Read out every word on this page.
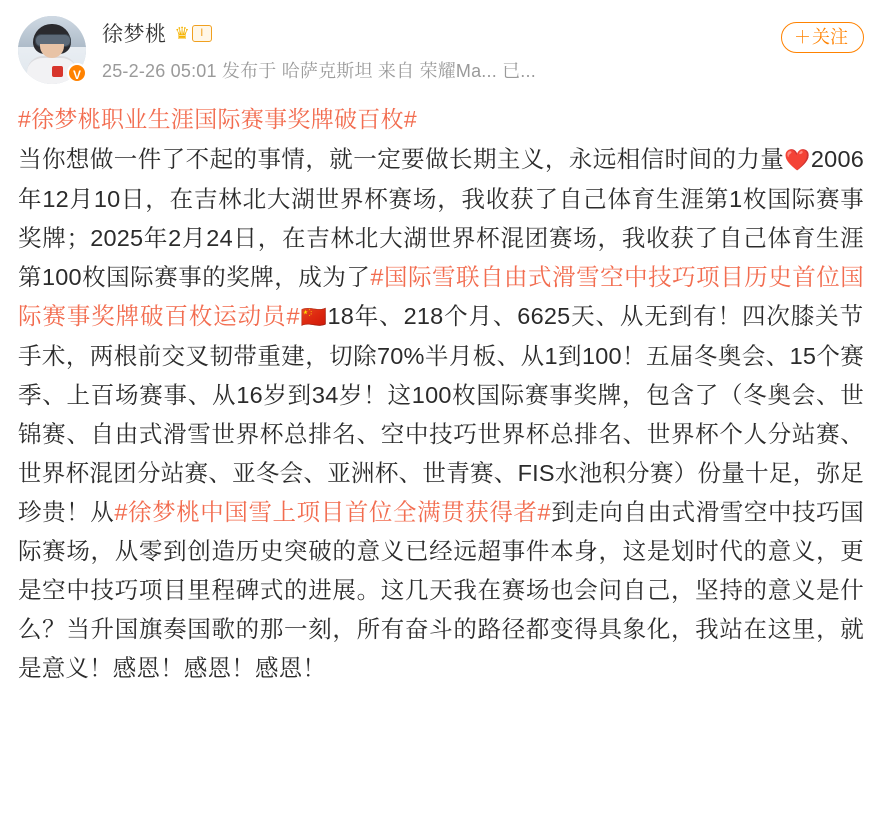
V
徐梦桃 ♛ I
25-2-26 05:01 发布于 哈萨克斯坦 来自 荣耀Ma... 已...
＋关注
#徐梦桃职业生涯国际赛事奖牌破百枚#
当你想做一件了不起的事情，就一定要做长期主义，永远相信时间的力量❤️2006年12月10日，在吉林北大湖世界杯赛场，我收获了自己体育生涯第1枚国际赛事奖牌；2025年2月24日，在吉林北大湖世界杯混团赛场，我收获了自己体育生涯第100枚国际赛事的奖牌，成为了#国际雪联自由式滑雪空中技巧项目历史首位国际赛事奖牌破百枚运动员#🇨🇳18年、218个月、6625天、从无到有！四次膝关节手术，两根前交叉韧带重建，切除70%半月板、从1到100！五届冬奥会、15个赛季、上百场赛事、从16岁到34岁！这100枚国际赛事奖牌，包含了（冬奥会、世锦赛、自由式滑雪世界杯总排名、空中技巧世界杯总排名、世界杯个人分站赛、世界杯混团分站赛、亚冬会、亚洲杯、世青赛、FIS水池积分赛）份量十足，弥足珍贵！从#徐梦桃中国雪上项目首位全满贯获得者#到走向自由式滑雪空中技巧国际赛场，从零到创造历史突破的意义已经远超事件本身，这是划时代的意义，更是空中技巧项目里程碑式的进展。这几天我在赛场也会问自己，坚持的意义是什么？当升国旗奏国歌的那一刻，所有奋斗的路径都变得具象化，我站在这里，就是意义！感恩！感恩！感恩！
